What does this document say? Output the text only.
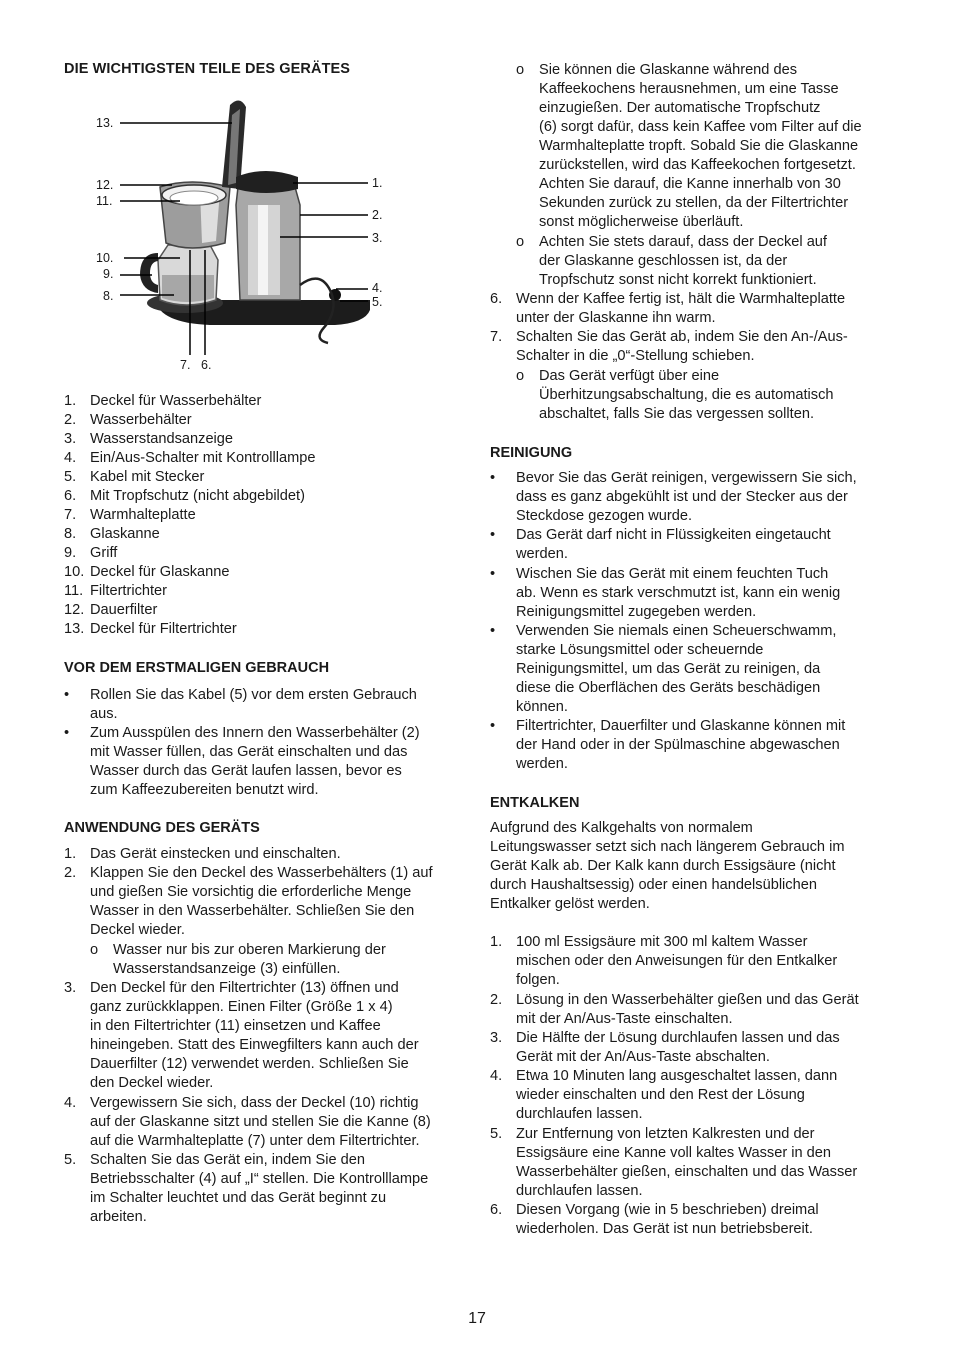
DIE WICHTIGSTEN TEILE DES GERÄTES
13.
12.
11.
10.
9.
8.
7. 6.
1.
2.
3.
4.
5.
1. Deckel für Wasserbehälter
2. Wasserbehälter
3. Wasserstandsanzeige
4. Ein/Aus-Schalter mit Kontrolllampe
5. Kabel mit Stecker
6. Mit Tropfschutz (nicht abgebildet)
7. Warmhalteplatte
8. Glaskanne
9. Griff
10. Deckel für Glaskanne
11. Filtertrichter
12. Dauerfilter
13. Deckel für Filtertrichter
VOR DEM ERSTMALIGEN GEBRAUCH
• Rollen Sie das Kabel (5) vor dem ersten Gebrauch
aus.
• Zum Ausspülen des Innern den Wasserbehälter (2)
mit Wasser füllen, das Gerät einschalten und das
Wasser durch das Gerät laufen lassen, bevor es
zum Kaffeezubereiten benutzt wird.
ANWENDUNG DES GERÄTS
1. Das Gerät einstecken und einschalten.
2. Klappen Sie den Deckel des Wasserbehälters (1) auf
und gießen Sie vorsichtig die erforderliche Menge
Wasser in den Wasserbehälter. Schließen Sie den
Deckel wieder.
o Wasser nur bis zur oberen Markierung der
Wasserstandsanzeige (3) einfüllen.
3. Den Deckel für den Filtertrichter (13) öffnen und
ganz zurückklappen. Einen Filter (Größe 1 x 4)
in den Filtertrichter (11) einsetzen und Kaffee
hineingeben. Statt des Einwegfilters kann auch der
Dauerfilter (12) verwendet werden. Schließen Sie
den Deckel wieder.
4. Vergewissern Sie sich, dass der Deckel (10) richtig
auf der Glaskanne sitzt und stellen Sie die Kanne (8)
auf die Warmhalteplatte (7) unter dem Filtertrichter.
5. Schalten Sie das Gerät ein, indem Sie den
Betriebsschalter (4) auf „I“ stellen. Die Kontrolllampe
im Schalter leuchtet und das Gerät beginnt zu
arbeiten.
o Sie können die Glaskanne während des
Kaffeekochens herausnehmen, um eine Tasse
einzugießen. Der automatische Tropfschutz
(6) sorgt dafür, dass kein Kaffee vom Filter auf die
Warmhalteplatte tropft. Sobald Sie die Glaskanne
zurückstellen, wird das Kaffeekochen fortgesetzt.
Achten Sie darauf, die Kanne innerhalb von 30
Sekunden zurück zu stellen, da der Filtertrichter
sonst möglicherweise überläuft.
o Achten Sie stets darauf, dass der Deckel auf
der Glaskanne geschlossen ist, da der
Tropfschutz sonst nicht korrekt funktioniert.
6. Wenn der Kaffee fertig ist, hält die Warmhalteplatte
unter der Glaskanne ihn warm.
7. Schalten Sie das Gerät ab, indem Sie den An-/Aus-
Schalter in die „0“-Stellung schieben.
o Das Gerät verfügt über eine
Überhitzungsabschaltung, die es automatisch
abschaltet, falls Sie das vergessen sollten.
REINIGUNG
• Bevor Sie das Gerät reinigen, vergewissern Sie sich,
dass es ganz abgekühlt ist und der Stecker aus der
Steckdose gezogen wurde.
• Das Gerät darf nicht in Flüssigkeiten eingetaucht
werden.
• Wischen Sie das Gerät mit einem feuchten Tuch
ab. Wenn es stark verschmutzt ist, kann ein wenig
Reinigungsmittel zugegeben werden.
• Verwenden Sie niemals einen Scheuerschwamm,
starke Lösungsmittel oder scheuernde
Reinigungsmittel, um das Gerät zu reinigen, da
diese die Oberflächen des Geräts beschädigen
können.
• Filtertrichter, Dauerfilter und Glaskanne können mit
der Hand oder in der Spülmaschine abgewaschen
werden.
ENTKALKEN
Aufgrund des Kalkgehalts von normalem
Leitungswasser setzt sich nach längerem Gebrauch im
Gerät Kalk ab. Der Kalk kann durch Essigsäure (nicht
durch Haushaltsessig) oder einen handelsüblichen
Entkalker gelöst werden.
1. 100 ml Essigsäure mit 300 ml kaltem Wasser
mischen oder den Anweisungen für den Entkalker
folgen.
2. Lösung in den Wasserbehälter gießen und das Gerät
mit der An/Aus-Taste einschalten.
3. Die Hälfte der Lösung durchlaufen lassen und das
Gerät mit der An/Aus-Taste abschalten.
4. Etwa 10 Minuten lang ausgeschaltet lassen, dann
wieder einschalten und den Rest der Lösung
durchlaufen lassen.
5. Zur Entfernung von letzten Kalkresten und der
Essigsäure eine Kanne voll kaltes Wasser in den
Wasserbehälter gießen, einschalten und das Wasser
durchlaufen lassen.
6. Diesen Vorgang (wie in 5 beschrieben) dreimal
wiederholen. Das Gerät ist nun betriebsbereit.
17
